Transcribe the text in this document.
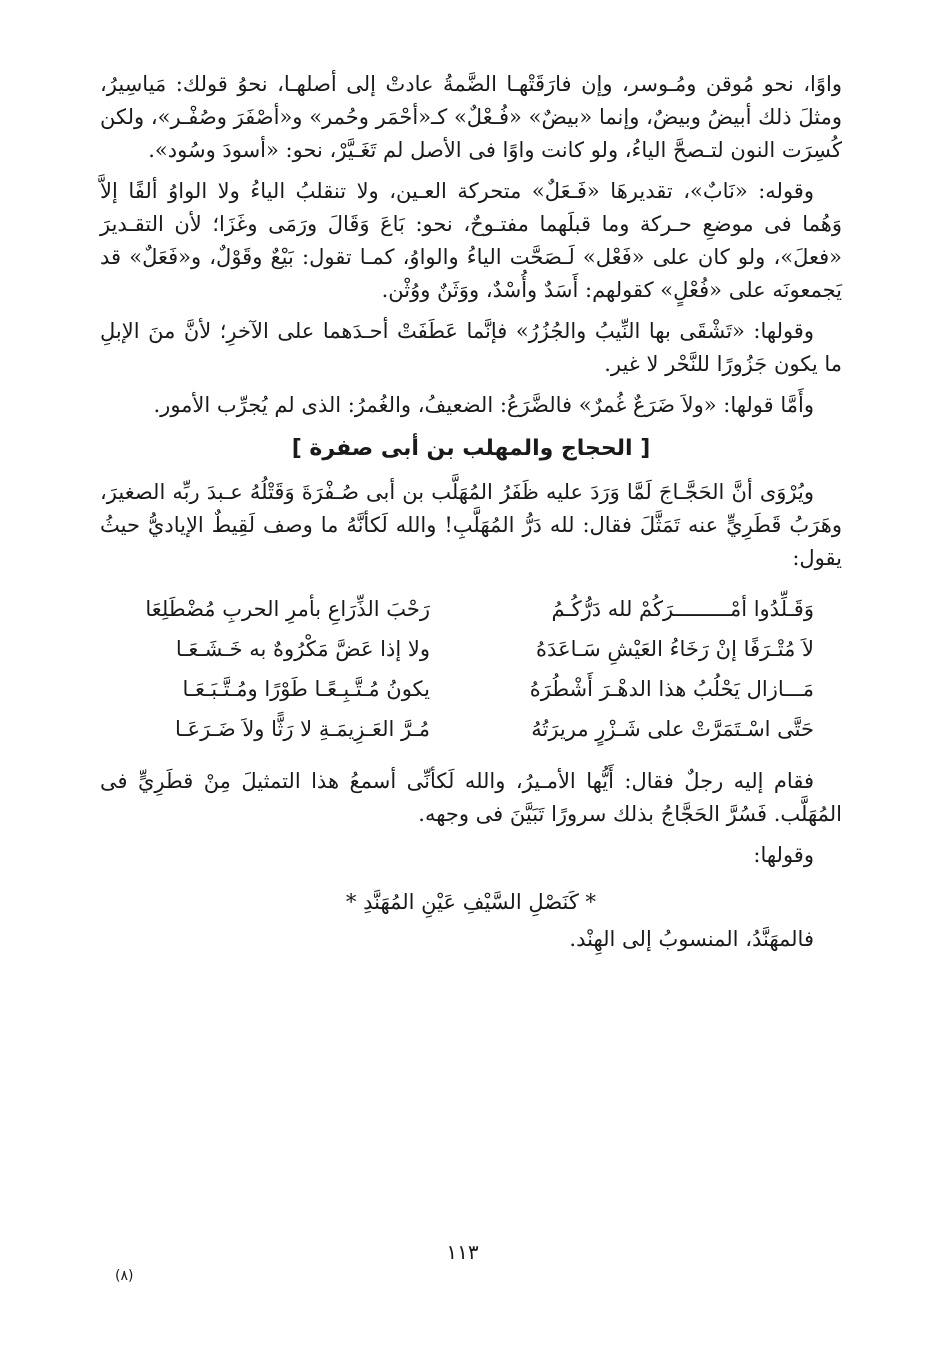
واوًا، نحو مُوقن ومُـوسر، وإن فارَقَتْهـا الضَّمةُ عادتْ إلى أصلهـا، نحوُ قولك: مَياسِيرُ، ومثلَ ذلك أبيضُ وبيضٌ، وإنما «بيضٌ» «فُـعْلٌ» كـ«أحْمَر وحُمر» و«أصْفَرَ وصُفْـر»، ولكن كُسِرَت النون لتـصحَّ الياءُ، ولو كانت واوًا فى الأصل لم تَغَـيَّرْ، نحو: «أسودَ وسُود».

وقوله: «نَابٌ»، تقديرهَا «فَـعَلٌ» متحركة العـين، ولا تنقلبُ الياءُ ولا الواوُ ألفًا إلاَّ وَهُما فى موضعِ حـركة وما قبلَهما مفتـوحٌ، نحو: بَاعَ وَقَالَ ورَمَى وغَزَا؛ لأن التقـديرَ «فعلَ»، ولو كان على «فَعْل» لَـصَحَّت الياءُ والواوُ، كمـا تقول: بَيْعٌ وقَوْلٌ، و«فَعَلٌ» قد يَجمعونَه على «فُعْلٍ» كقولهم: أَسَدٌ وأُسْدٌ، ووَثَنٌ ووُثْن.

وقولها: «تَشْقَى بها النِّيبُ والجُزُرُ» فإنَّما عَطَفَتْ أحـدَهما على الآخرِ؛ لأنَّ منَ الإبلِ ما يكون جَزُورًا للنَّحْر لا غير.

وأَمَّا قولها: «ولاَ ضَرَعٌ غُمرٌ» فالضَّرَعُ: الضعيفُ، والغُمرُ: الذى لم يُجرِّب الأمور.

[ الحجاج والمهلب بن أبى صفرة ]

ويُرْوَى أنَّ الحَجَّـاجَ لَمَّا وَرَدَ عليه ظَفَرُ المُهَلَّب بن أبى صُـفْرَةَ وَقَتْلُهُ عـبدَ ربِّه الصغيرَ، وهَرَبُ قَطَرِيٍّ عنه تَمَثَّلَ فقال: لله دَرُّ المُهَلَّبِ! والله لَكأنَّهُ ما وصف لَقِيطٌ الإياديُّ حيثُ يقول:

وَقَـلِّدُوا أمْـــــــــرَكُمْ لله دَرُّكُـمُ
رَحْبَ الذِّرَاعِ بأمرِ الحربِ مُضْطَلِعَا
لاَ مُتْـرَفًا إنْ رَخَاءُ العَيْشِ سَـاعَدَهُ
ولا إذا عَضَّ مَكْرُوهٌ به خَـشَـعَـا
مَـــازال يَحْلُبُ هذا الدهْـرَ أَشْطُرَهُ
يكونُ مُـتَّـبِـعًـا طَوْرًا ومُـتَّـبَـعَـا
حَتَّى اسْـتَمَرَّتْ على شَـزْرٍ مريرَتُهُ
مُـرَّ العَـزِيمَـةِ لا رَثًّا ولاَ ضَـرَعَـا

فقام إليه رجلٌ فقال: أَيُّها الأمـيرُ، والله لَكأنِّى أسمعُ هذا التمثيلَ مِنْ قطَرِيٍّ فى المُهَلَّب. فَسُرَّ الحَجَّاجُ بذلك سرورًا تَبَيَّنَ فى وجهه.

وقولها:

* كَنَصْلِ السَّيْفِ عَيْنِ المُهَنَّدِ *

فالمهَنَّدُ، المنسوبُ إلى الهِنْد.

١١٣
(٨)
